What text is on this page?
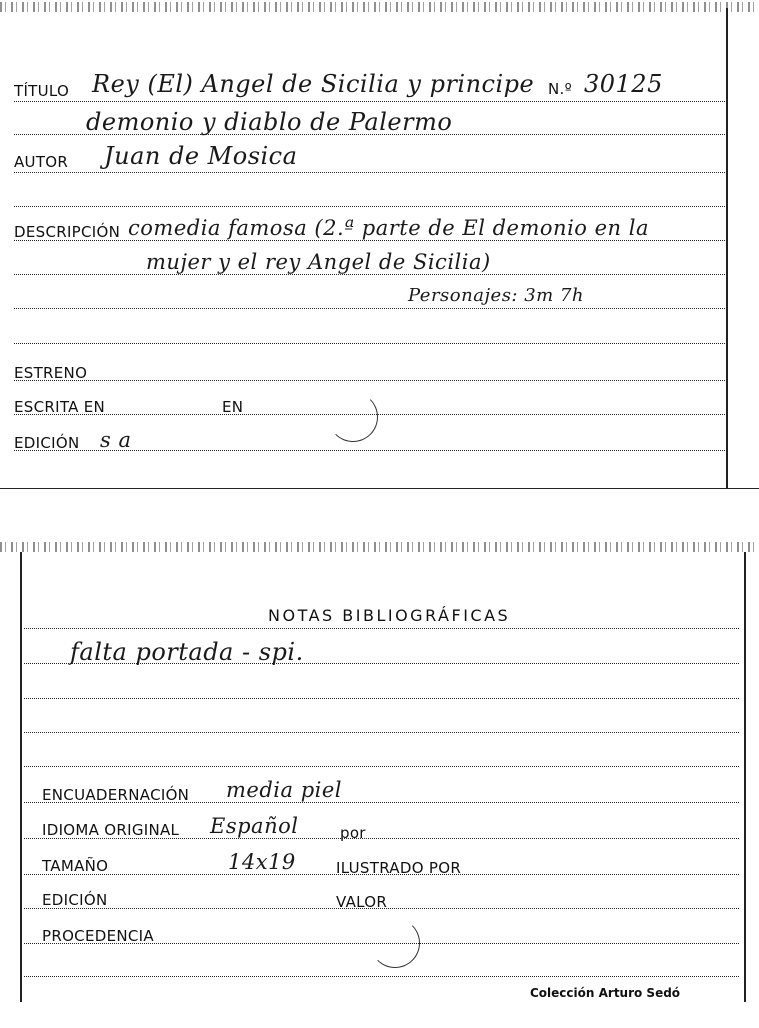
TÍTULO Rey (El) Angel de Sicilia y principe N.º 30125
demonio y diablo de Palermo
AUTOR Juan de Mosica
DESCRIPCIÓN comedia famosa (2.ª parte de El demonio en la
mujer y el rey Angel de Sicilia)
Personajes: 3m 7h
ESTRENO
ESCRITA EN	EN
EDICIÓN s a
NOTAS BIBLIOGRÁFICAS
falta portada - spi.
ENCUADERNACIÓN media piel
IDIOMA ORIGINAL Español	por
TAMAÑO	14x19	ILUSTRADO POR
EDICIÓN	VALOR
PROCEDENCIA
Colección Arturo Sedó
